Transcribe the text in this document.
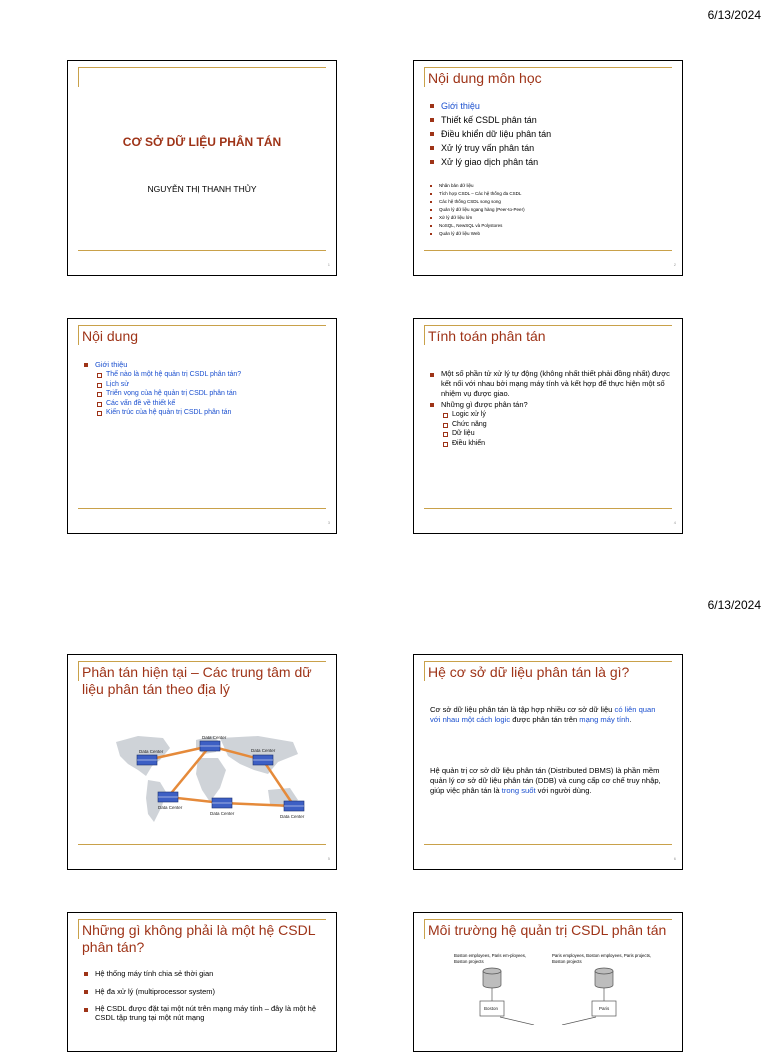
6/13/2024
CƠ SỞ DỮ LIỆU PHÂN TÁN
NGUYỄN THỊ THANH THỦY
1
Nội dung môn học
Giới thiệu
Thiết kế CSDL phân tán
Điều khiển dữ liệu phân tán
Xử lý truy vấn phân tán
Xử lý giao dịch phân tán
Nhân bản dữ liệu
Tích hợp CSDL – Các hệ thống đa CSDL
Các hệ thống CSDL song song
Quản lý dữ liệu ngang hàng (Peer-to-Peer)
Xử lý dữ liệu lớn
NoSQL, NewSQL và Polystores
Quản lý dữ liệu Web
2
Nội dung
Giới thiệu
Thế nào là một hệ quản trị CSDL phân tán?
Lịch sử
Triển vọng của hệ quản trị CSDL phân tán
Các vấn đề về thiết kế
Kiến trúc của hệ quản trị CSDL phân tán
3
Tính toán phân tán
Một số phần tử xử lý tự động (không nhất thiết phải đồng nhất) được kết nối với nhau bởi mạng máy tính và kết hợp để thực hiện một số nhiệm vụ được giao.
Những gì được phân tán?
Logic xử lý
Chức năng
Dữ liệu
Điều khiển
4
6/13/2024
Phân tán hiện tại – Các trung tâm dữ liệu phân tán theo địa lý
Data Center
Data Center
Data Center
Data Center
Data Center
Data Center
5
Hệ cơ sở dữ liệu phân tán là gì?

Cơ sở dữ liệu phân tán là tập hợp nhiều cơ sở dữ liệu có liên quan với nhau một cách logic được phân tán trên mạng máy tính.

Hệ quản trị cơ sở dữ liệu phân tán (Distributed DBMS) là phần mềm quản lý cơ sở dữ liệu phân tán (DDB) và cung cấp cơ chế truy nhập, giúp việc phân tán là trong suốt với người dùng.

6
Những gì không phải là một hệ CSDL phân tán?
Hệ thống máy tính chia sẻ thời gian
Hệ đa xử lý (multiprocessor system)
Hệ CSDL được đặt tại một nút trên mạng máy tính – đây là một hệ CSDL tập trung tại một nút mạng
Môi trường hệ quản trị CSDL phân tán
Boston employees, Paris em-ployees, Boston projects
Paris employees, Boston employees, Paris projects, Boston projects
Boston	Paris
